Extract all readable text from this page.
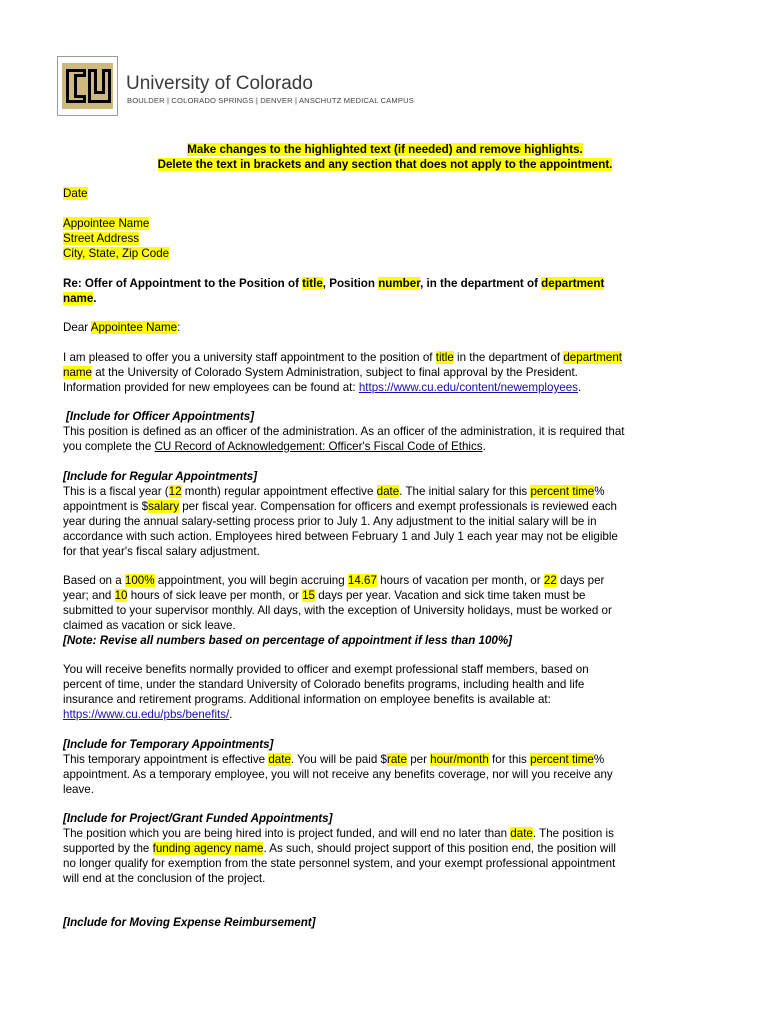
University of Colorado
BOULDER | COLORADO SPRINGS | DENVER | ANSCHUTZ MEDICAL CAMPUS
Make changes to the highlighted text (if needed) and remove highlights.
Delete the text in brackets and any section that does not apply to the appointment.

Date

Appointee Name
Street Address
City, State, Zip Code

Re: Offer of Appointment to the Position of title, Position number, in the department of department
name.

Dear Appointee Name:

I am pleased to offer you a university staff appointment to the position of title in the department of department
name at the University of Colorado System Administration, subject to final approval by the President.
Information provided for new employees can be found at: https://www.cu.edu/content/newemployees.

[Include for Officer Appointments]
This position is defined as an officer of the administration. As an officer of the administration, it is required that
you complete the CU Record of Acknowledgement: Officer's Fiscal Code of Ethics.

[Include for Regular Appointments]
This is a fiscal year (12 month) regular appointment effective date. The initial salary for this percent time%
appointment is $salary per fiscal year. Compensation for officers and exempt professionals is reviewed each
year during the annual salary-setting process prior to July 1. Any adjustment to the initial salary will be in
accordance with such action. Employees hired between February 1 and July 1 each year may not be eligible
for that year's fiscal salary adjustment.

Based on a 100% appointment, you will begin accruing 14.67 hours of vacation per month, or 22 days per
year; and 10 hours of sick leave per month, or 15 days per year. Vacation and sick time taken must be
submitted to your supervisor monthly. All days, with the exception of University holidays, must be worked or
claimed as vacation or sick leave.
[Note: Revise all numbers based on percentage of appointment if less than 100%]

You will receive benefits normally provided to officer and exempt professional staff members, based on
percent of time, under the standard University of Colorado benefits programs, including health and life
insurance and retirement programs. Additional information on employee benefits is available at:
https://www.cu.edu/pbs/benefits/.

[Include for Temporary Appointments]
This temporary appointment is effective date. You will be paid $rate per hour/month for this percent time%
appointment. As a temporary employee, you will not receive any benefits coverage, nor will you receive any
leave.

[Include for Project/Grant Funded Appointments]
The position which you are being hired into is project funded, and will end no later than date. The position is
supported by the funding agency name. As such, should project support of this position end, the position will
no longer qualify for exemption from the state personnel system, and your exempt professional appointment
will end at the conclusion of the project.

[Include for Moving Expense Reimbursement]
